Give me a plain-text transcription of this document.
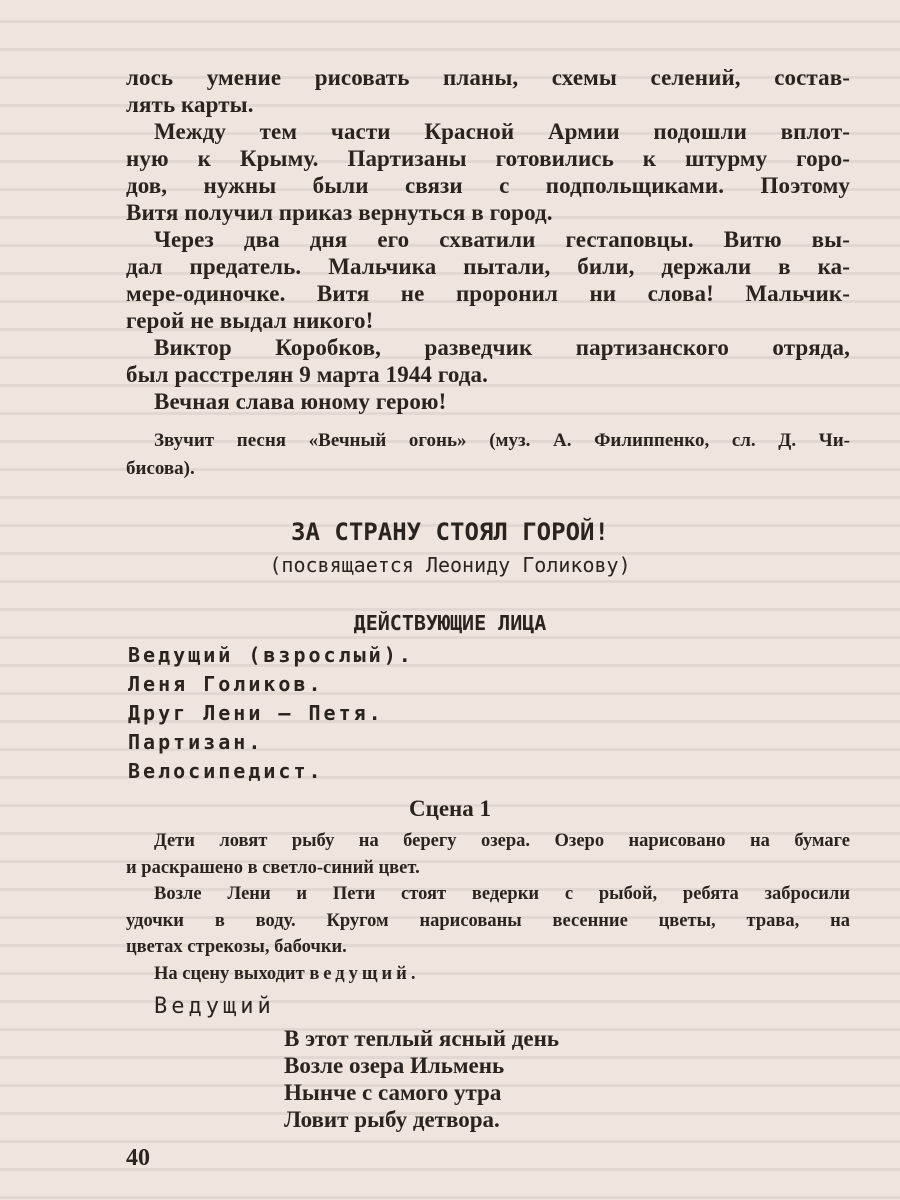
лось умение рисовать планы, схемы селений, состав-
лять карты.
Между тем части Красной Армии подошли вплот-
ную к Крыму. Партизаны готовились к штурму горо-
дов, нужны были связи с подпольщиками. Поэтому
Витя получил приказ вернуться в город.
Через два дня его схватили гестаповцы. Витю вы-
дал предатель. Мальчика пытали, били, держали в ка-
мере-одиночке. Витя не проронил ни слова! Мальчик-
герой не выдал никого!
Виктор Коробков, разведчик партизанского отряда,
был расстрелян 9 марта 1944 года.
Вечная слава юному герою!
Звучит песня «Вечный огонь» (муз. А. Филиппенко, сл. Д. Чи-
бисова).
ЗА СТРАНУ СТОЯЛ ГОРОЙ!
(посвящается Леониду Голикову)
ДЕЙСТВУЮЩИЕ ЛИЦА
Ведущий (взрослый).
Леня Голиков.
Друг Лени — Петя.
Партизан.
Велосипедист.
Сцена 1
Дети ловят рыбу на берегу озера. Озеро нарисовано на бумаге
и раскрашено в светло-синий цвет.
Возле Лени и Пети стоят ведерки с рыбой, ребята забросили
удочки в воду. Кругом нарисованы весенние цветы, трава, на
цветах стрекозы, бабочки.
На сцену выходит ведущий.
Ведущий
В этот теплый ясный день
Возле озера Ильмень
Нынче с самого утра
Ловит рыбу детвора.
40
